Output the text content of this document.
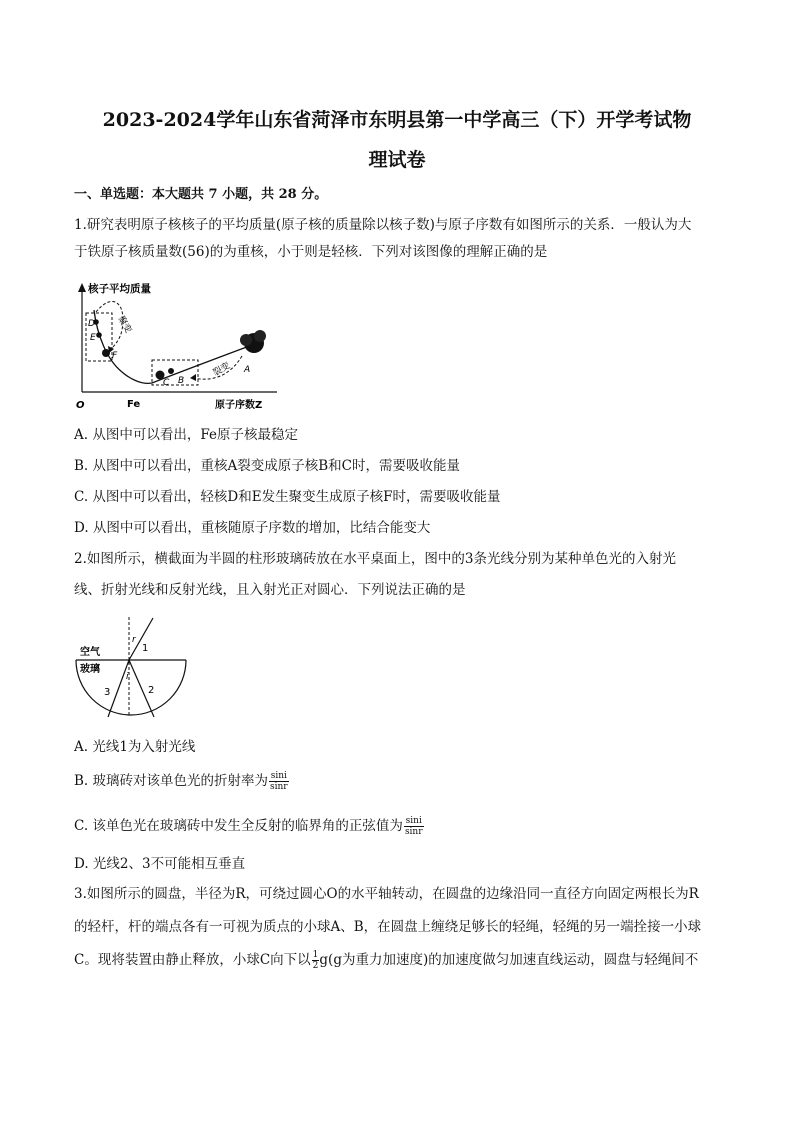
2023-2024学年山东省菏泽市东明县第一中学高三（下）开学考试物
理试卷
一、单选题：本大题共 7 小题，共 28 分。
1.研究表明原子核核子的平均质量(原子核的质量除以核子数)与原子序数有如图所示的关系．一般认为大
于铁原子核质量数(56)的为重核，小于则是轻核．下列对该图像的理解正确的是
核子平均质量
原子序数Z
O	Fe
D
E
F
C B
A
聚变
裂变
A. 从图中可以看出，Fe原子核最稳定
B. 从图中可以看出，重核A裂变成原子核B和C时，需要吸收能量
C. 从图中可以看出，轻核D和E发生聚变生成原子核F时，需要吸收能量
D. 从图中可以看出，重核随原子序数的增加，比结合能变大
2.如图所示，横截面为半圆的柱形玻璃砖放在水平桌面上，图中的3条光线分别为某种单色光的入射光
线、折射光线和反射光线，且入射光正对圆心．下列说法正确的是
空气
玻璃
1
2
3
r
i
A. 光线1为入射光线
B. 玻璃砖对该单色光的折射率为 $\frac{\sin i}{\sin r}$
C. 该单色光在玻璃砖中发生全反射的临界角的正弦值为 $\frac{\sin i}{\sin r}$
D. 光线2、3不可能相互垂直
3.如图所示的圆盘，半径为R，可绕过圆心O的水平轴转动，在圆盘的边缘沿同一直径方向固定两根长为R
的轻杆，杆的端点各有一可视为质点的小球A、B，在圆盘上缠绕足够长的轻绳，轻绳的另一端拴接一小球
C。现将装置由静止释放，小球C向下以 $\frac{1}{2} g(g$为重力加速度)的加速度做匀加速直线运动，圆盘与轻绳间不
